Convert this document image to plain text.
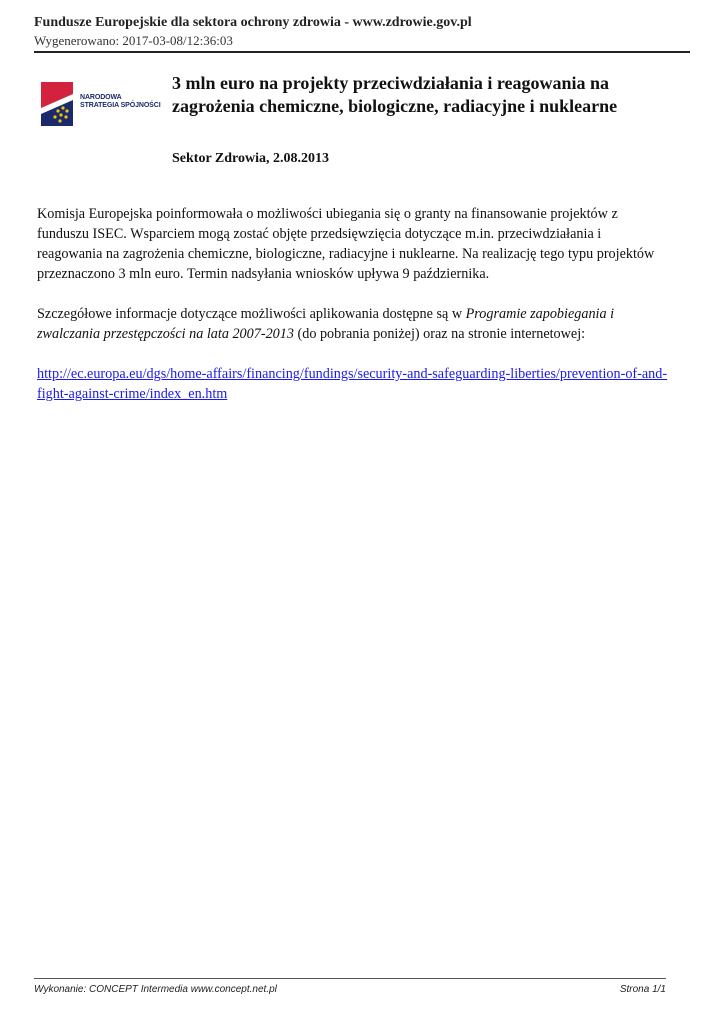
Fundusze Europejskie dla sektora ochrony zdrowia - www.zdrowie.gov.pl
Wygenerowano: 2017-03-08/12:36:03
NARODOWA
STRATEGIA SPÓJNOŚCI
3 mln euro na projekty przeciwdziałania i reagowania na zagrożenia chemiczne, biologiczne, radiacyjne i nuklearne
Sektor Zdrowia, 2.08.2013

Komisja Europejska poinformowała o możliwości ubiegania się o granty na finansowanie projektów z funduszu ISEC. Wsparciem mogą zostać objęte przedsięwzięcia dotyczące m.in. przeciwdziałania i reagowania na zagrożenia chemiczne, biologiczne, radiacyjne i nuklearne. Na realizację tego typu projektów przeznaczono 3 mln euro. Termin nadsyłania wniosków upływa 9 października.

Szczegółowe informacje dotyczące możliwości aplikowania dostępne są w Programie zapobiegania i zwalczania przestępczości na lata 2007-2013 (do pobrania poniżej) oraz na stronie internetowej:

http://ec.europa.eu/dgs/home-affairs/financing/fundings/security-and-safeguarding-liberties/prevention-of-and-fight-against-crime/index_en.htm

Wykonanie: CONCEPT Intermedia www.concept.net.pl	Strona 1/1
